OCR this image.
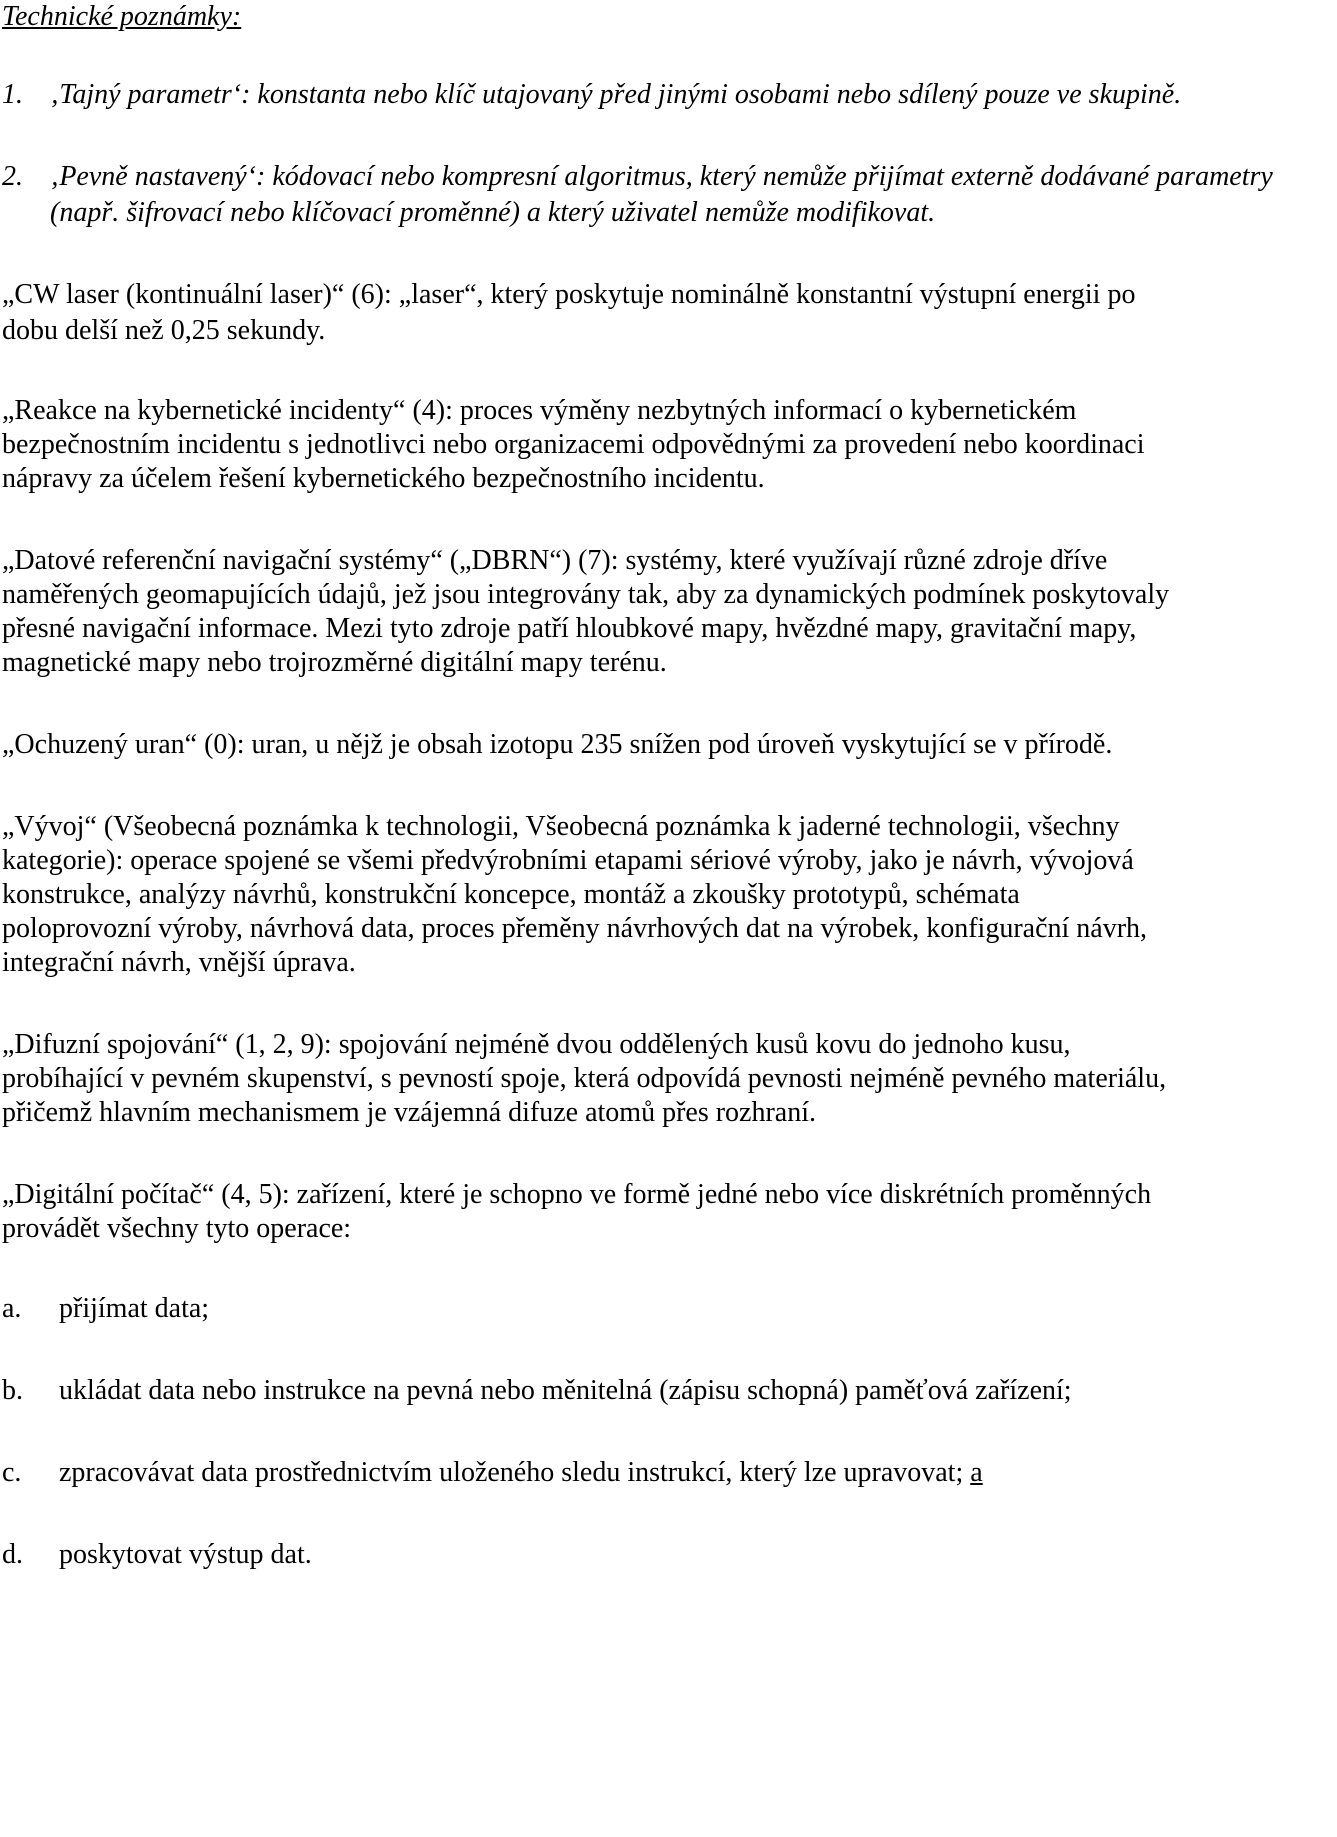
Technické poznámky:
1. ‚Tajný parametr‘: konstanta nebo klíč utajovaný před jinými osobami nebo sdílený pouze ve skupině.
2. ‚Pevně nastavený‘: kódovací nebo kompresní algoritmus, který nemůže přijímat externě dodávané parametry
(např. šifrovací nebo klíčovací proměnné) a který uživatel nemůže modifikovat.
„CW laser (kontinuální laser)“ (6): „laser“, který poskytuje nominálně konstantní výstupní energii po
dobu delší než 0,25 sekundy.
„Reakce na kybernetické incidenty“ (4): proces výměny nezbytných informací o kybernetickém
bezpečnostním incidentu s jednotlivci nebo organizacemi odpovědnými za provedení nebo koordinaci
nápravy za účelem řešení kybernetického bezpečnostního incidentu.
„Datové referenční navigační systémy“ („DBRN“) (7): systémy, které využívají různé zdroje dříve
naměřených geomapujících údajů, jež jsou integrovány tak, aby za dynamických podmínek poskytovaly
přesné navigační informace. Mezi tyto zdroje patří hloubkové mapy, hvězdné mapy, gravitační mapy,
magnetické mapy nebo trojrozměrné digitální mapy terénu.
„Ochuzený uran“ (0): uran, u nějž je obsah izotopu 235 snížen pod úroveň vyskytující se v přírodě.
„Vývoj“ (Všeobecná poznámka k technologii, Všeobecná poznámka k jaderné technologii, všechny
kategorie): operace spojené se všemi předvýrobními etapami sériové výroby, jako je návrh, vývojová
konstrukce, analýzy návrhů, konstrukční koncepce, montáž a zkoušky prototypů, schémata
poloprovozní výroby, návrhová data, proces přeměny návrhových dat na výrobek, konfigurační návrh,
integrační návrh, vnější úprava.
„Difuzní spojování“ (1, 2, 9): spojování nejméně dvou oddělených kusů kovu do jednoho kusu,
probíhající v pevném skupenství, s pevností spoje, která odpovídá pevnosti nejméně pevného materiálu,
přičemž hlavním mechanismem je vzájemná difuze atomů přes rozhraní.
„Digitální počítač“ (4, 5): zařízení, které je schopno ve formě jedné nebo více diskrétních proměnných
provádět všechny tyto operace:
a. přijímat data;
b. ukládat data nebo instrukce na pevná nebo měnitelná (zápisu schopná) paměťová zařízení;
c. zpracovávat data prostřednictvím uloženého sledu instrukcí, který lze upravovat; a
d. poskytovat výstup dat.
